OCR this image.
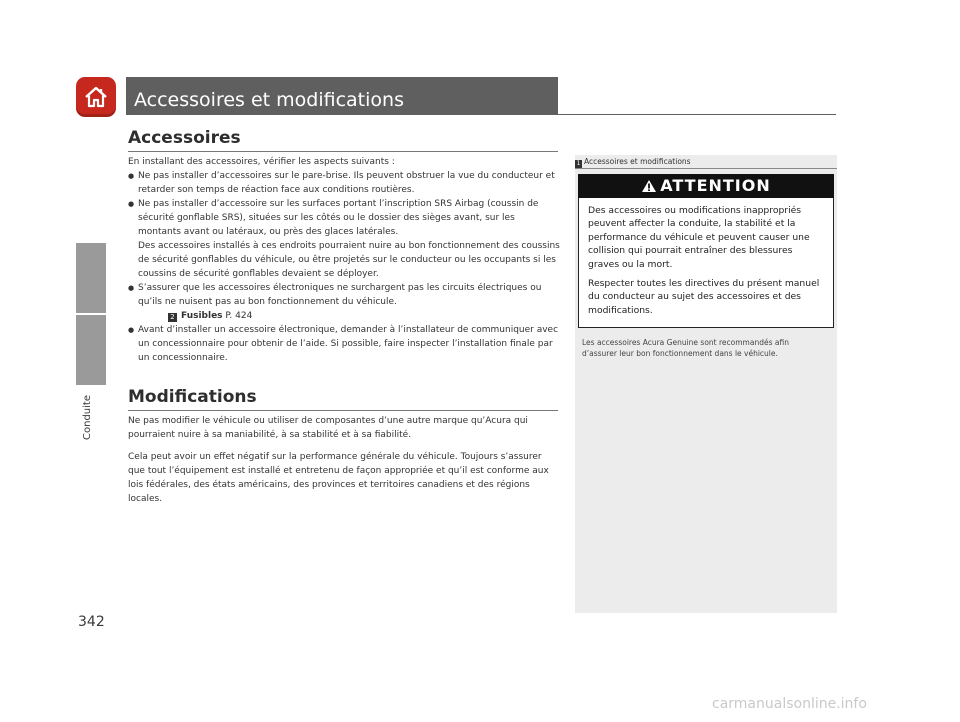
Accessoires et modifications
Conduite
342
Accessoires

En installant des accessoires, vérifier les aspects suivants :

● Ne pas installer d’accessoires sur le pare-brise. Ils peuvent obstruer la vue du conducteur et retarder son temps de réaction face aux conditions routières.
● Ne pas installer d’accessoire sur les surfaces portant l’inscription SRS Airbag (coussin de sécurité gonflable SRS), situées sur les côtés ou le dossier des sièges avant, sur les montants avant ou latéraux, ou près des glaces latérales.
Des accessoires installés à ces endroits pourraient nuire au bon fonctionnement des coussins de sécurité gonflables du véhicule, ou être projetés sur le conducteur ou les occupants si les coussins de sécurité gonflables devaient se déployer.
● S’assurer que les accessoires électroniques ne surchargent pas les circuits électriques ou qu’ils ne nuisent pas au bon fonctionnement du véhicule.
2 Fusibles P. 424
● Avant d’installer un accessoire électronique, demander à l’installateur de communiquer avec un concessionnaire pour obtenir de l’aide. Si possible, faire inspecter l’installation finale par un concessionnaire.
Modifications

Ne pas modifier le véhicule ou utiliser de composantes d’une autre marque qu’Acura qui pourraient nuire à sa maniabilité, à sa stabilité et à sa fiabilité.

Cela peut avoir un effet négatif sur la performance générale du véhicule. Toujours s’assurer que tout l’équipement est installé et entretenu de façon appropriée et qu’il est conforme aux lois fédérales, des états américains, des provinces et territoires canadiens et des régions locales.

1 Accessoires et modifications
ATTENTION

Des accessoires ou modifications inappropriés peuvent affecter la conduite, la stabilité et la performance du véhicule et peuvent causer une collision qui pourrait entraîner des blessures graves ou la mort.

Respecter toutes les directives du présent manuel du conducteur au sujet des accessoires et des modifications.

Les accessoires Acura Genuine sont recommandés afin d’assurer leur bon fonctionnement dans le véhicule.
carmanualsonline.info
